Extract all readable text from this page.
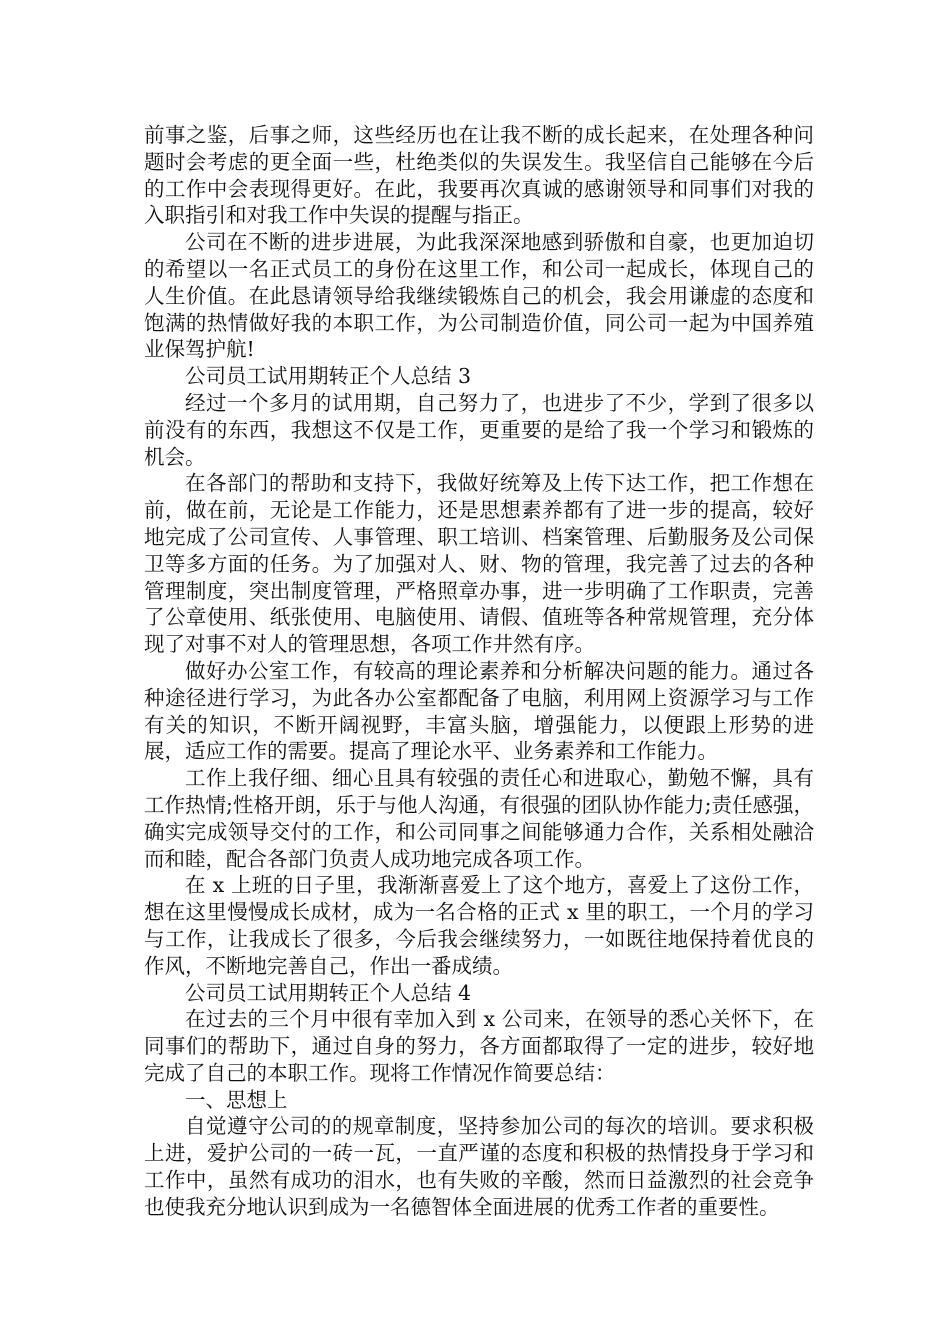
前事之鉴，后事之师，这些经历也在让我不断的成长起来，在处理各种问题时会考虑的更全面一些，杜绝类似的失误发生。我坚信自己能够在今后的工作中会表现得更好。在此，我要再次真诚的感谢领导和同事们对我的入职指引和对我工作中失误的提醒与指正。

公司在不断的进步进展，为此我深深地感到骄傲和自豪，也更加迫切的希望以一名正式员工的身份在这里工作，和公司一起成长，体现自己的人生价值。在此恳请领导给我继续锻炼自己的机会，我会用谦虚的态度和饱满的热情做好我的本职工作，为公司制造价值，同公司一起为中国养殖业保驾护航!

公司员工试用期转正个人总结 3

经过一个多月的试用期，自己努力了，也进步了不少，学到了很多以前没有的东西，我想这不仅是工作，更重要的是给了我一个学习和锻炼的机会。

在各部门的帮助和支持下，我做好统筹及上传下达工作，把工作想在前，做在前，无论是工作能力，还是思想素养都有了进一步的提高，较好地完成了公司宣传、人事管理、职工培训、档案管理、后勤服务及公司保卫等多方面的任务。为了加强对人、财、物的管理，我完善了过去的各种管理制度，突出制度管理，严格照章办事，进一步明确了工作职责，完善了公章使用、纸张使用、电脑使用、请假、值班等各种常规管理，充分体现了对事不对人的管理思想，各项工作井然有序。

做好办公室工作，有较高的理论素养和分析解决问题的能力。通过各种途径进行学习，为此各办公室都配备了电脑，利用网上资源学习与工作有关的知识，不断开阔视野，丰富头脑，增强能力，以便跟上形势的进展，适应工作的需要。提高了理论水平、业务素养和工作能力。

工作上我仔细、细心且具有较强的责任心和进取心，勤勉不懈，具有工作热情;性格开朗，乐于与他人沟通，有很强的团队协作能力;责任感强，确实完成领导交付的工作，和公司同事之间能够通力合作，关系相处融洽而和睦，配合各部门负责人成功地完成各项工作。

在 x 上班的日子里，我渐渐喜爱上了这个地方，喜爱上了这份工作，想在这里慢慢成长成材，成为一名合格的正式 x 里的职工，一个月的学习与工作，让我成长了很多，今后我会继续努力，一如既往地保持着优良的作风，不断地完善自己，作出一番成绩。

公司员工试用期转正个人总结 4

在过去的三个月中很有幸加入到 x 公司来，在领导的悉心关怀下，在同事们的帮助下，通过自身的努力，各方面都取得了一定的进步，较好地完成了自己的本职工作。现将工作情况作简要总结：

一、思想上

自觉遵守公司的的规章制度，坚持参加公司的每次的培训。要求积极上进，爱护公司的一砖一瓦，一直严谨的态度和积极的热情投身于学习和工作中，虽然有成功的泪水，也有失败的辛酸，然而日益激烈的社会竞争也使我充分地认识到成为一名德智体全面进展的优秀工作者的重要性。
